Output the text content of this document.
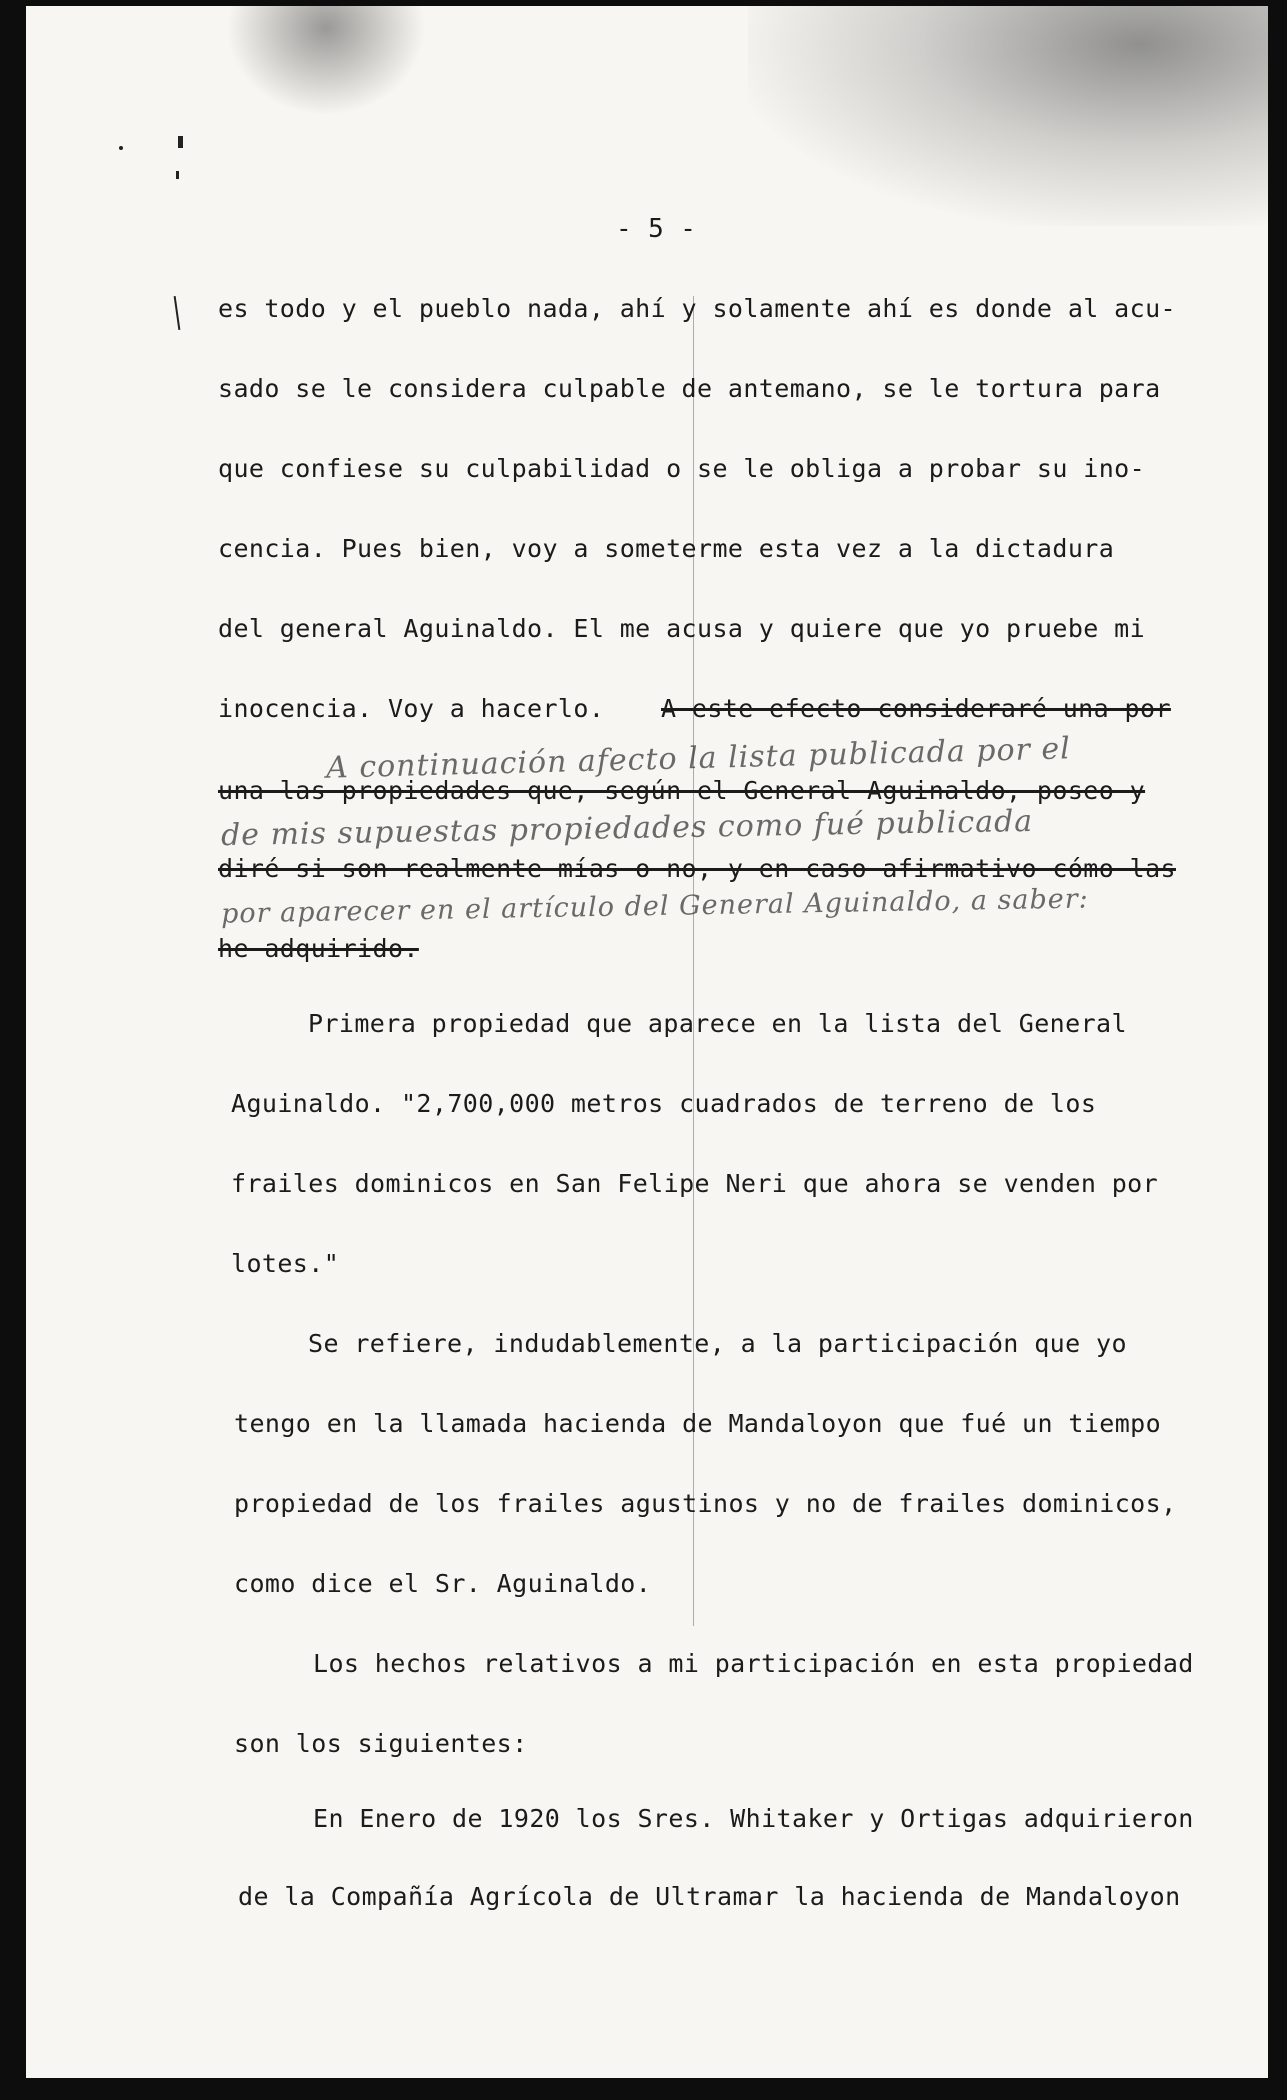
- 5 -
es todo y el pueblo nada, ahí y solamente ahí es donde al acu-
sado se le considera culpable de antemano, se le tortura para
que confiese su culpabilidad o se le obliga a probar su ino-
cencia. Pues bien, voy a someterme esta vez a la dictadura
del general Aguinaldo. El me acusa y quiere que yo pruebe mi
inocencia. Voy a hacerlo. A este efecto consideraré una por
A continuación afecto la lista publicada por el
una las propiedades que, según el General Aguinaldo, poseo y
de mis supuestas propiedades como fué publicada
diré si son realmente mías o no, y en caso afirmativo cómo las
por aparecer en el artículo del General Aguinaldo, a saber:
he adquirido.
Primera propiedad que aparece en la lista del General
Aguinaldo. "2,700,000 metros cuadrados de terreno de los
frailes dominicos en San Felipe Neri que ahora se venden por
lotes."
Se refiere, indudablemente, a la participación que yo
tengo en la llamada hacienda de Mandaloyon que fué un tiempo
propiedad de los frailes agustinos y no de frailes dominicos,
como dice el Sr. Aguinaldo.
Los hechos relativos a mi participación en esta propiedad
son los siguientes:
En Enero de 1920 los Sres. Whitaker y Ortigas adquirieron
de la Compañía Agrícola de Ultramar la hacienda de Mandaloyon
